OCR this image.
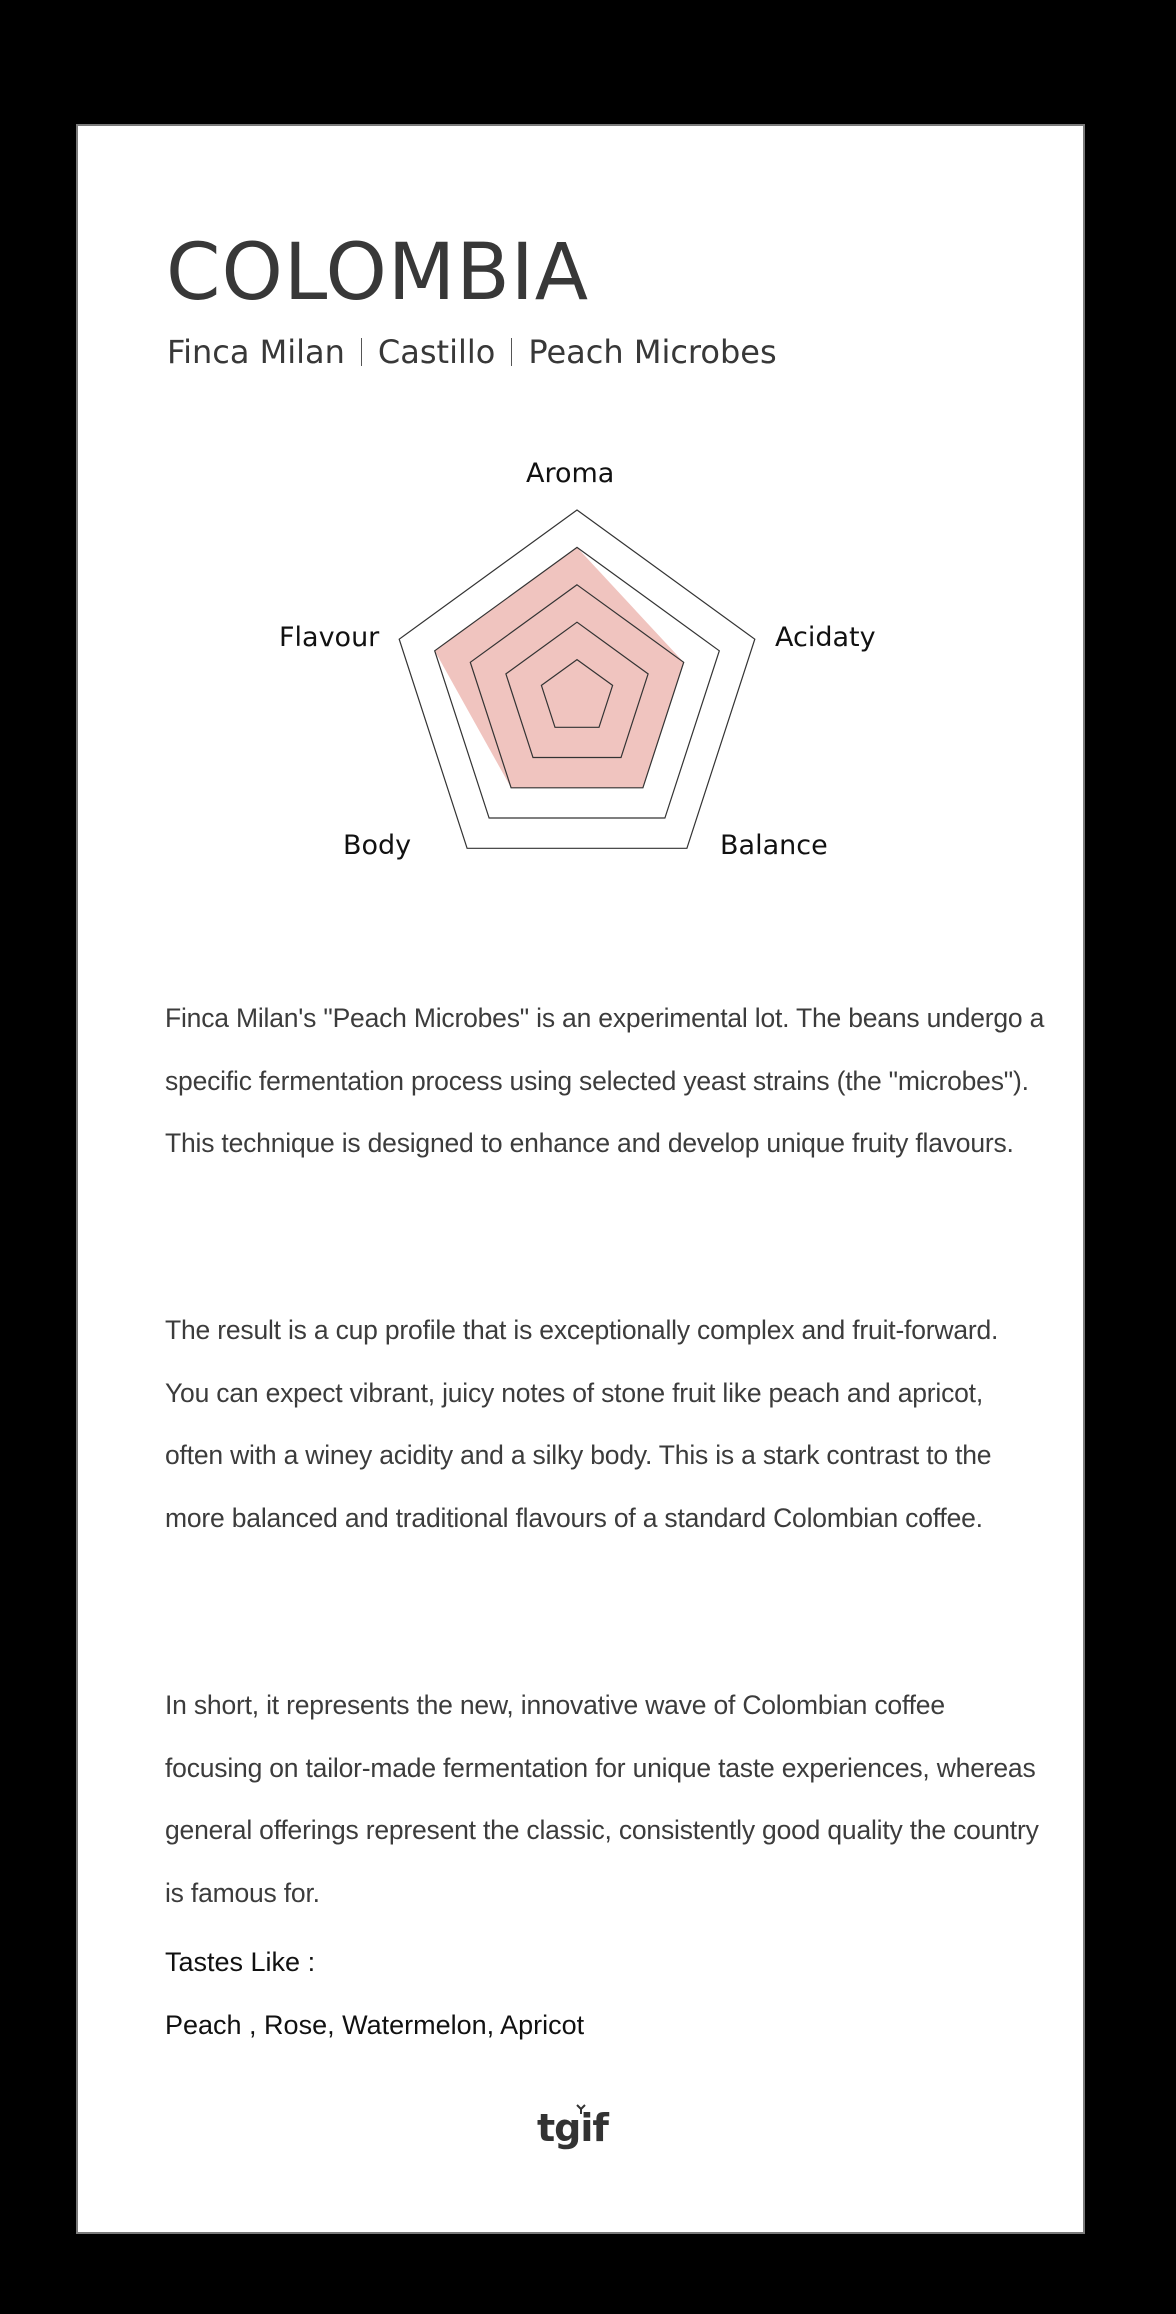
COLOMBIA
Finca Milan Castillo Peach Microbes
Aroma
Acidaty
Balance
Body
Flavour

Finca Milan's "Peach Microbes" is an experimental lot. The beans undergo a specific fermentation process using selected yeast strains (the "microbes"). This technique is designed to enhance and develop unique fruity flavours.

The result is a cup profile that is exceptionally complex and fruit-forward. You can expect vibrant, juicy notes of stone fruit like peach and apricot, often with a winey acidity and a silky body. This is a stark contrast to the more balanced and traditional flavours of a standard Colombian coffee.

In short, it represents the new, innovative wave of Colombian coffee focusing on tailor-made fermentation for unique taste experiences, whereas general offerings represent the classic, consistently good quality the country is famous for.

Tastes Like :

Peach , Rose, Watermelon, Apricot

tgif
